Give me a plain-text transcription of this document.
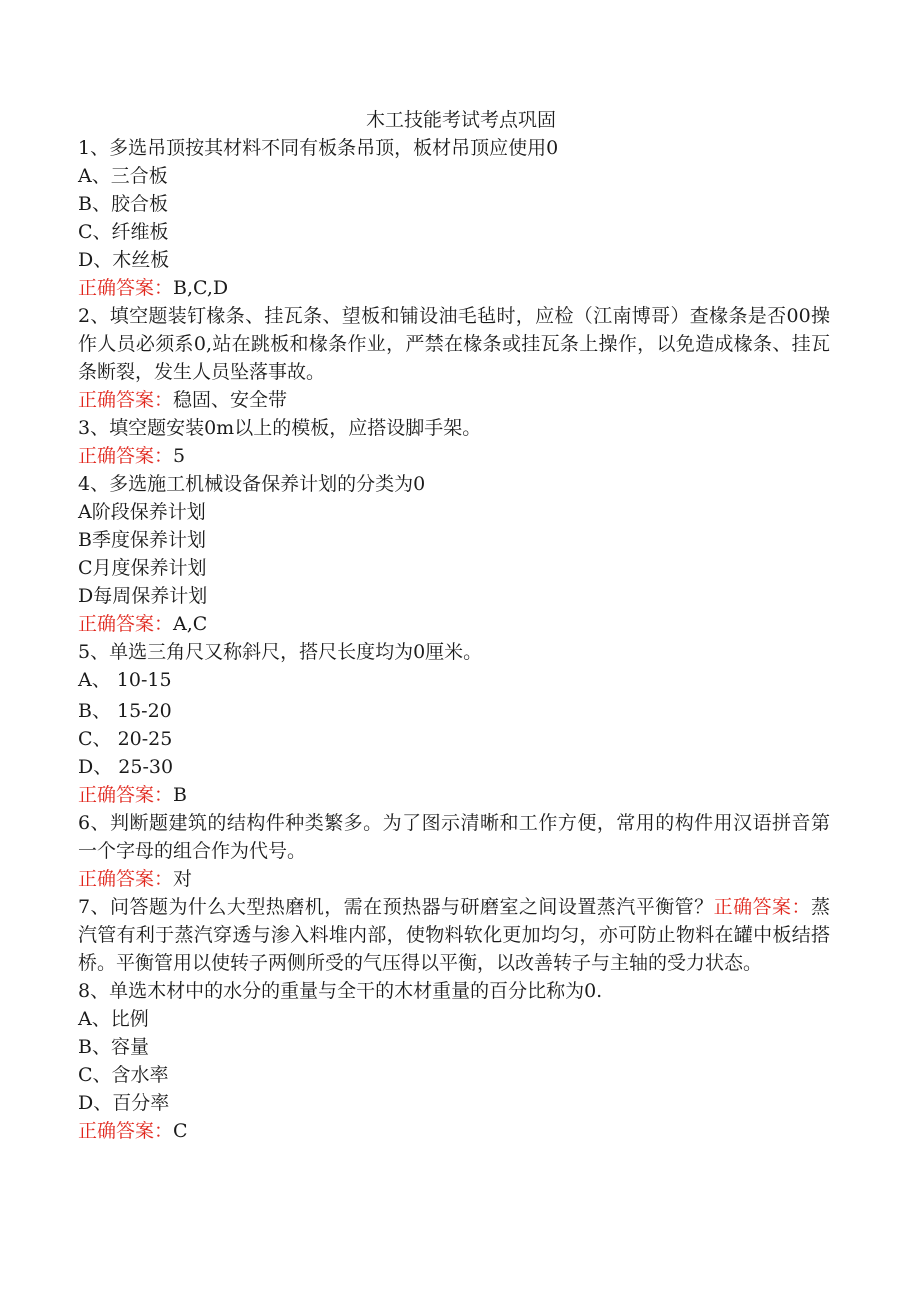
木工技能考试考点巩固

1、多选吊顶按其材料不同有板条吊顶，板材吊顶应使用0

A、三合板

B、胶合板

C、纤维板

D、木丝板

正确答案：B,C,D

2、填空题装钉椽条、挂瓦条、望板和铺设油毛毡时，应检（江南博哥）查椽条是否00操作人员必须系0,站在跳板和椽条作业，严禁在椽条或挂瓦条上操作，以免造成椽条、挂瓦条断裂，发生人员坠落事故。

正确答案：稳固、安全带

3、填空题安装0m以上的模板，应搭设脚手架。

正确答案：5

4、多选施工机械设备保养计划的分类为0

A阶段保养计划

B季度保养计划

C月度保养计划

D每周保养计划

正确答案：A,C

5、单选三角尺又称斜尺，搭尺长度均为0厘米。

A、 10-15

B、 15-20

C、 20-25

D、 25-30

正确答案：B

6、判断题建筑的结构件种类繁多。为了图示清晰和工作方便，常用的构件用汉语拼音第一个字母的组合作为代号。

正确答案：对

7、问答题为什么大型热磨机，需在预热器与研磨室之间设置蒸汽平衡管？正确答案：蒸汽管有利于蒸汽穿透与渗入料堆内部，使物料软化更加均匀，亦可防止物料在罐中板结搭桥。平衡管用以使转子两侧所受的气压得以平衡，以改善转子与主轴的受力状态。

8、单选木材中的水分的重量与全干的木材重量的百分比称为0.

A、比例

B、容量

C、含水率

D、百分率

正确答案：C
